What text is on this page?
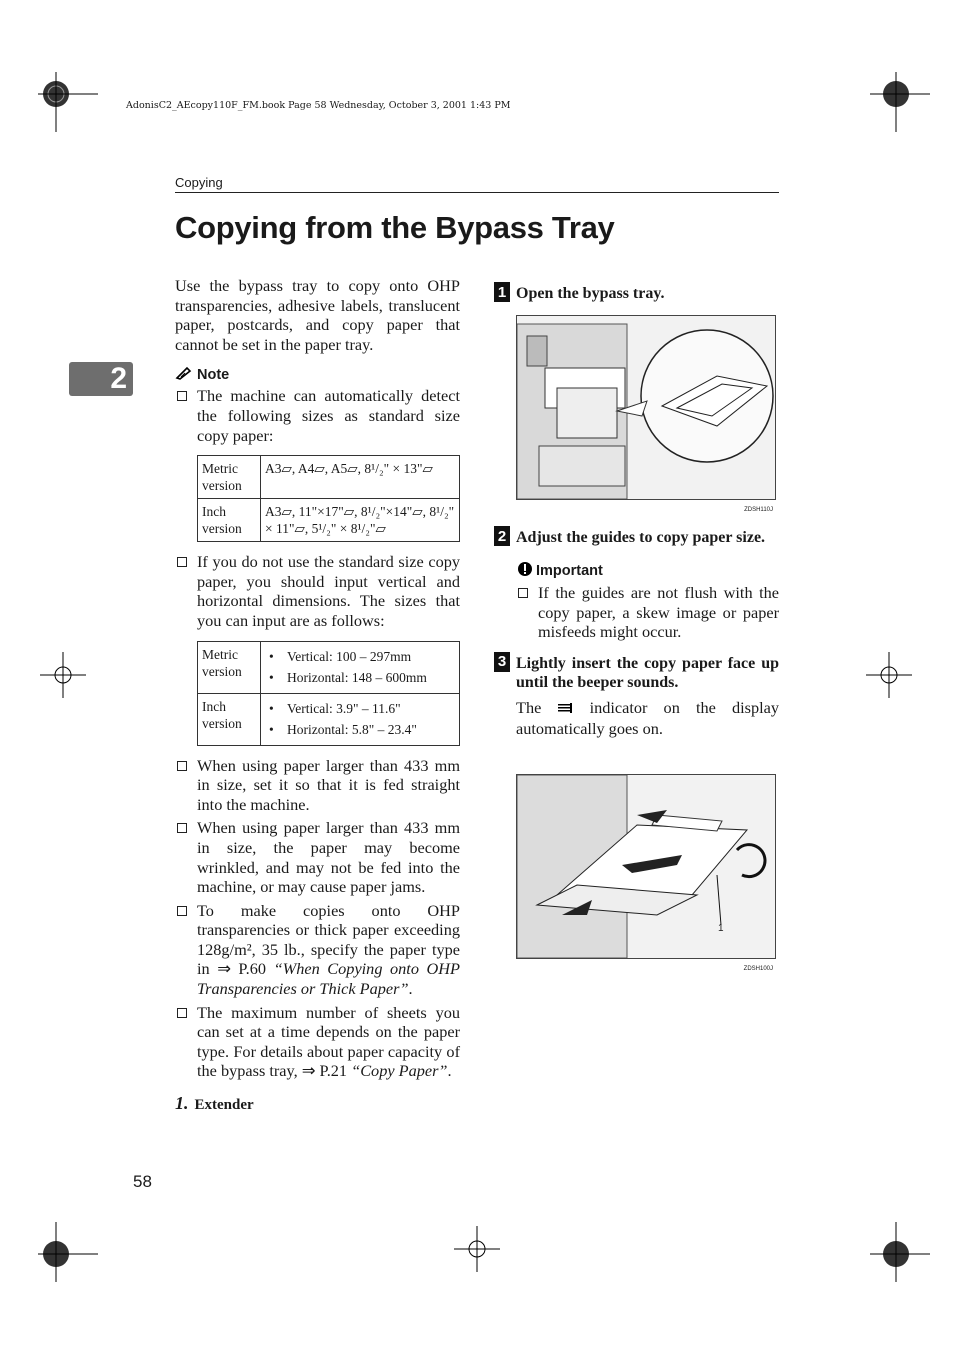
AdonisC2_AEcopy110F_FM.book Page 58 Wednesday, October 3, 2001 1:43 PM
Copying
Copying from the Bypass Tray
2

Use the bypass tray to copy onto OHP transparencies, adhesive labels, translucent paper, postcards, and copy paper that cannot be set in the paper tray.

Note
The machine can automatically detect the following sizes as standard size copy paper:
Metric version	A3▱, A4▱, A5▱, 8¹/₂" × 13"▱
Inch version	A3▱, 11"×17"▱, 8¹/₂"×14"▱, 8¹/₂" × 11"▱, 5¹/₂" × 8¹/₂"▱
If you do not use the standard size copy paper, you should input vertical and horizontal dimensions. The sizes that you can input are as follows:
Metric version	• Vertical: 100 – 297mm
• Horizontal: 148 – 600mm

Inch version	• Vertical: 3.9" – 11.6"
• Horizontal: 5.8" – 23.4"
When using paper larger than 433 mm in size, set it so that it is fed straight into the machine.
When using paper larger than 433 mm in size, the paper may become wrinkled, and may not be fed into the machine, or may cause paper jams.
To make copies onto OHP transparencies or thick paper exceeding 128g/m², 35 lb., specify the paper type in ⇒ P.60 “When Copying onto OHP Transparencies or Thick Paper”.
The maximum number of sheets you can set at a time depends on the paper type. For details about paper capacity of the bypass tray, ⇒ P.21 “Copy Paper”.
1. Extender
1 Open the bypass tray.
ZDSH110J
2 Adjust the guides to copy paper size.
Important
If the guides are not flush with the copy paper, a skew image or paper misfeeds might occur.
3 Lightly insert the copy paper face up until the beeper sounds.

The	indicator on the display automatically goes on.

1
ZDSH100J
58
